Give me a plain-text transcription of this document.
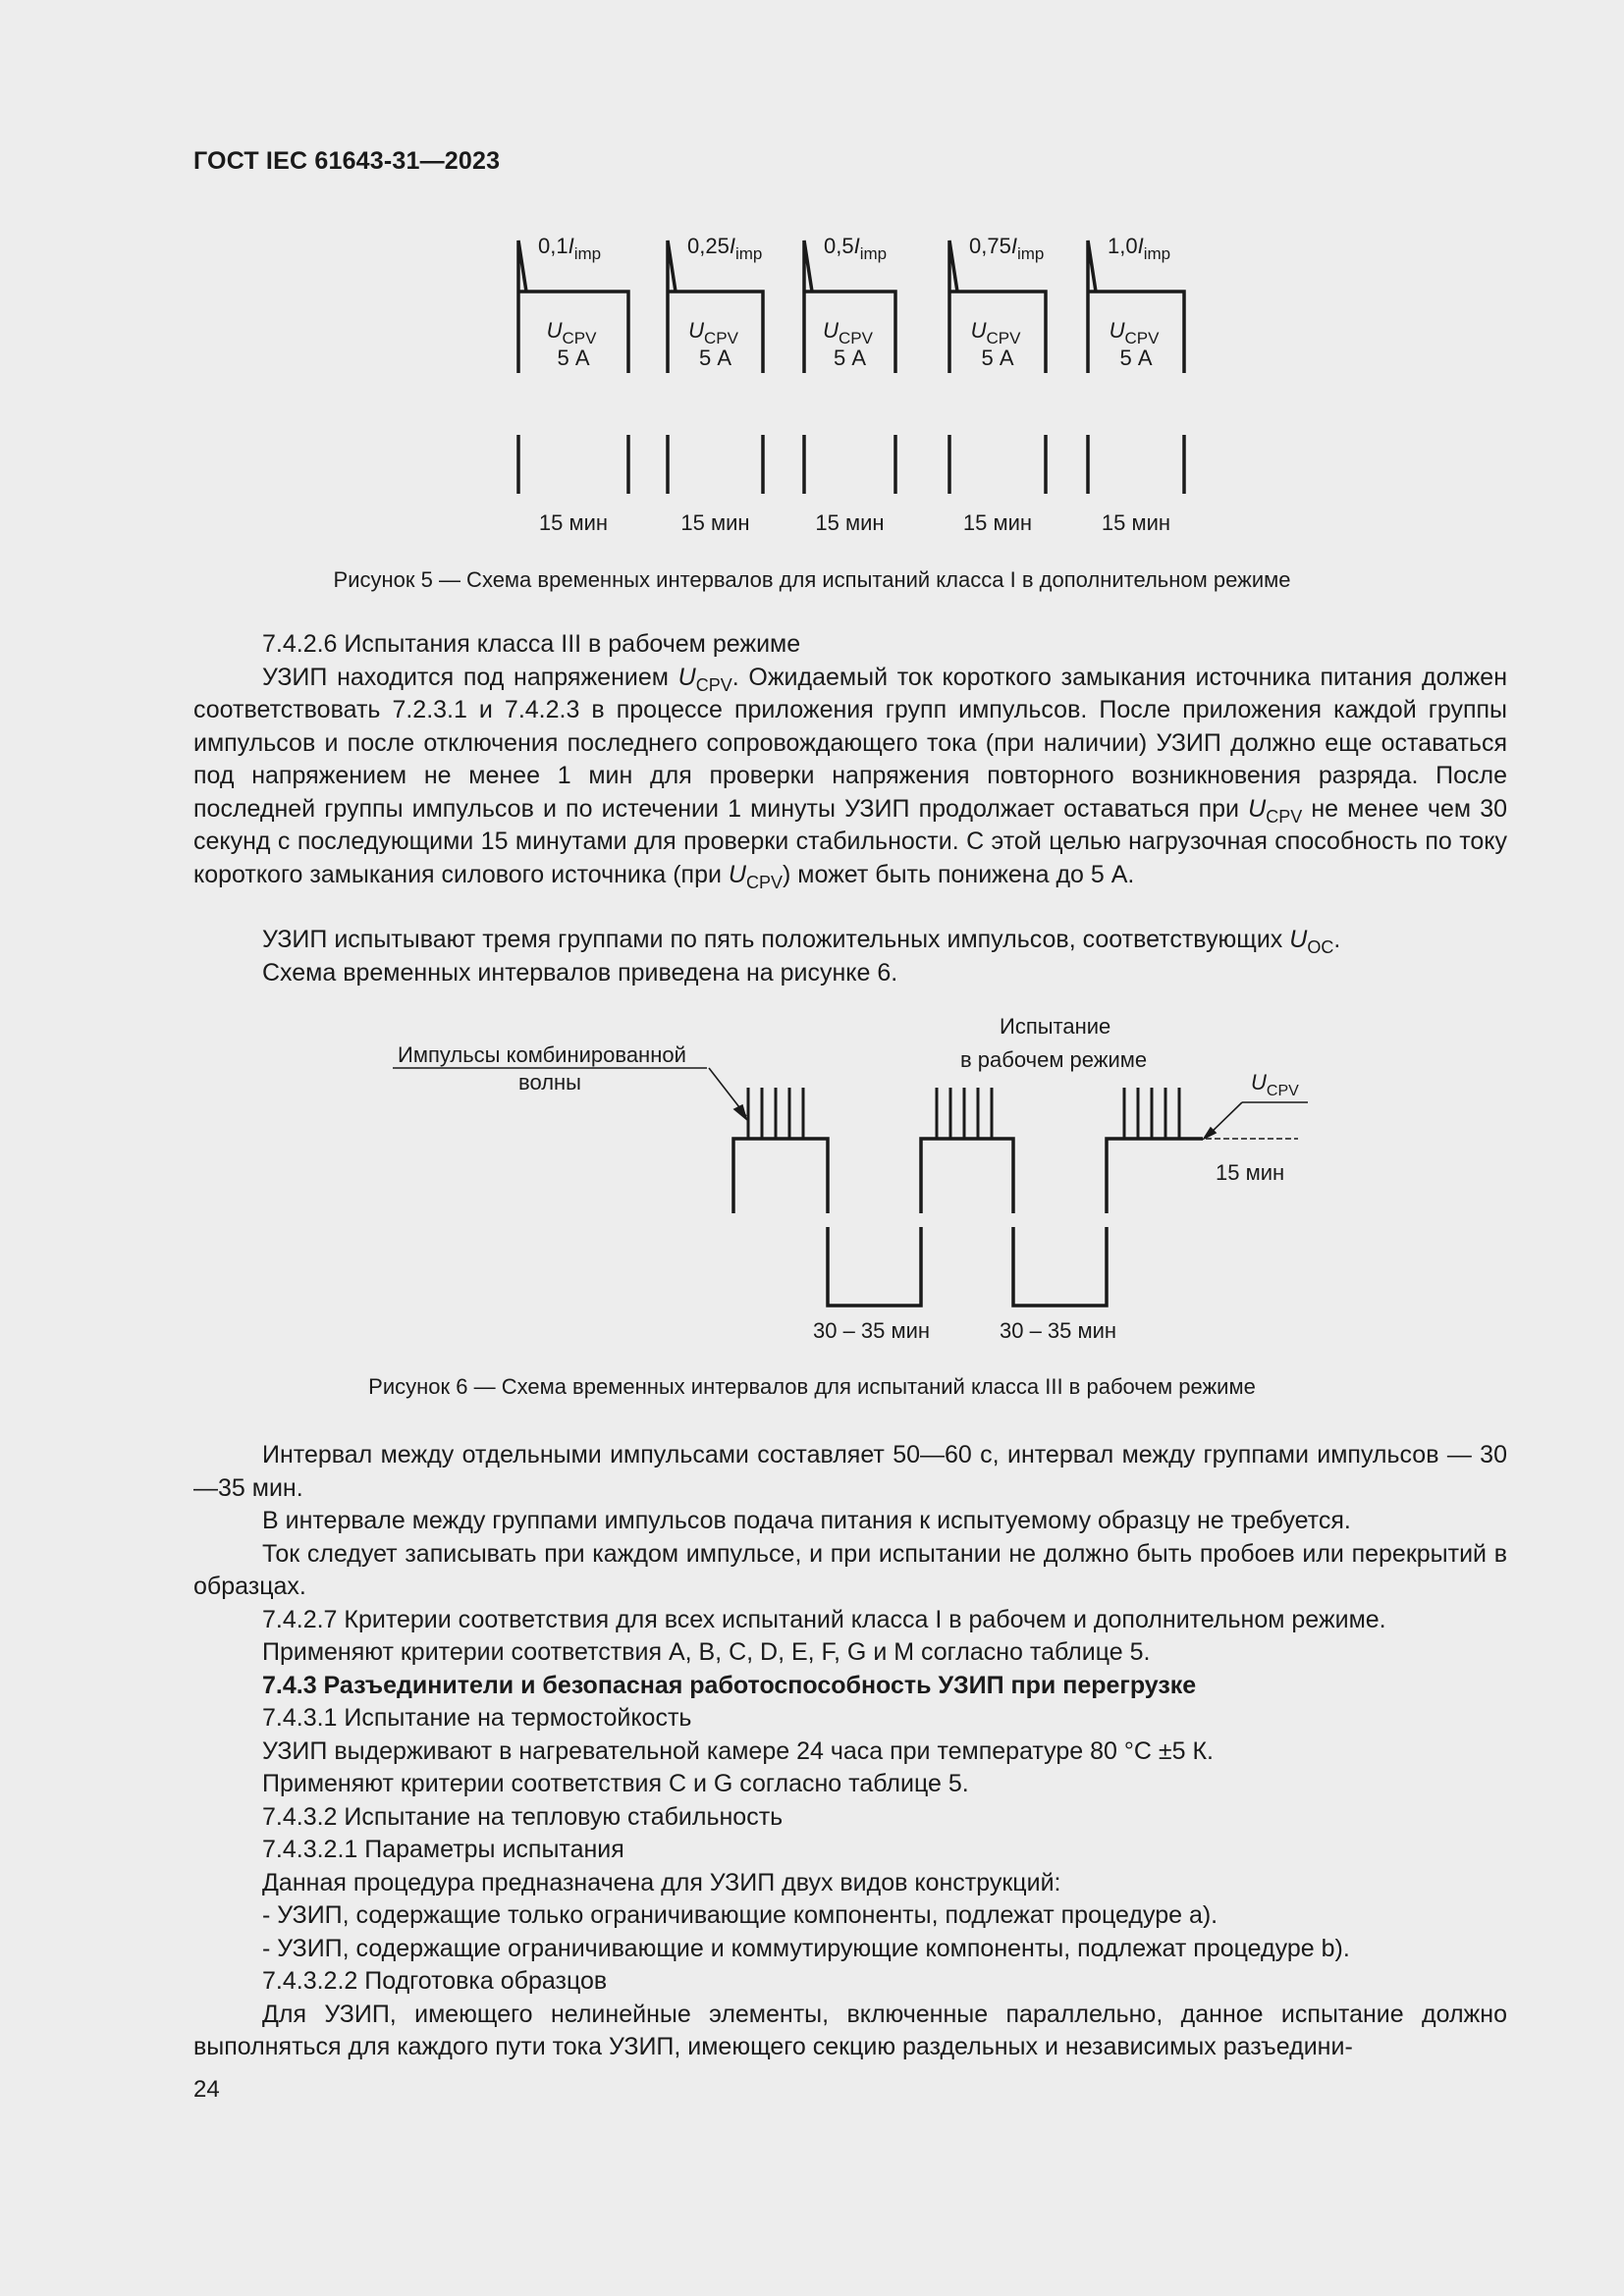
ГОСТ IEC 61643-31—2023
$0,1I_{imp}$
$U_{CPV}$
5 А
15 мин
$0,25I_{imp}$
$U_{CPV}$
5 А
15 мин
$0,5I_{imp}$
$U_{CPV}$
5 А
15 мин
$0,75I_{imp}$
$U_{CPV}$
5 А
15 мин
$1,0I_{imp}$
$U_{CPV}$
5 А
15 мин
Рисунок 5 — Схема временных интервалов для испытаний класса I в дополнительном режиме
7.4.2.6 Испытания класса III в рабочем режиме
УЗИП находится под напряжением $U_{CPV}$. Ожидаемый ток короткого замыкания источника питания должен соответствовать 7.2.3.1 и 7.4.2.3 в процессе приложения групп импульсов. После приложения каждой группы импульсов и после отключения последнего сопровождающего тока (при наличии) УЗИП должно еще оставаться под напряжением не менее 1 мин для проверки напряжения повторного возникновения разряда. После последней группы импульсов и по истечении 1 минуты УЗИП продолжает оставаться при $U_{CPV}$ не менее чем 30 секунд с последующими 15 минутами для проверки стабильности. С этой целью нагрузочная способность по току короткого замыкания силового источника (при $U_{CPV}$) может быть понижена до 5 А.
УЗИП испытывают тремя группами по пять положительных импульсов, соответствующих $U_{OC}$.
Схема временных интервалов приведена на рисунке 6.
Импульсы комбинированной
волны
Испытание
в рабочем режиме
15 мин
30 – 35 мин	30 – 35 мин
$U_{CPV}$
Рисунок 6 — Схема временных интервалов для испытаний класса III в рабочем режиме
Интервал между отдельными импульсами составляет 50—60 с, интервал между группами импульсов — 30—35 мин.
В интервале между группами импульсов подача питания к испытуемому образцу не требуется.
Ток следует записывать при каждом импульсе, и при испытании не должно быть пробоев или перекрытий в образцах.
7.4.2.7 Критерии соответствия для всех испытаний класса I в рабочем и дополнительном режиме.
Применяют критерии соответствия A, B, C, D, E, F, G и M согласно таблице 5.
7.4.3 Разъединители и безопасная работоспособность УЗИП при перегрузке
7.4.3.1 Испытание на термостойкость
УЗИП выдерживают в нагревательной камере 24 часа при температуре 80 °С ±5 К.
Применяют критерии соответствия C и G согласно таблице 5.
7.4.3.2 Испытание на тепловую стабильность
7.4.3.2.1 Параметры испытания
Данная процедура предназначена для УЗИП двух видов конструкций:
- УЗИП, содержащие только ограничивающие компоненты, подлежат процедуре a).
- УЗИП, содержащие ограничивающие и коммутирующие компоненты, подлежат процедуре b).
7.4.3.2.2 Подготовка образцов
Для УЗИП, имеющего нелинейные элементы, включенные параллельно, данное испытание должно выполняться для каждого пути тока УЗИП, имеющего секцию раздельных и независимых разъедини-
24
